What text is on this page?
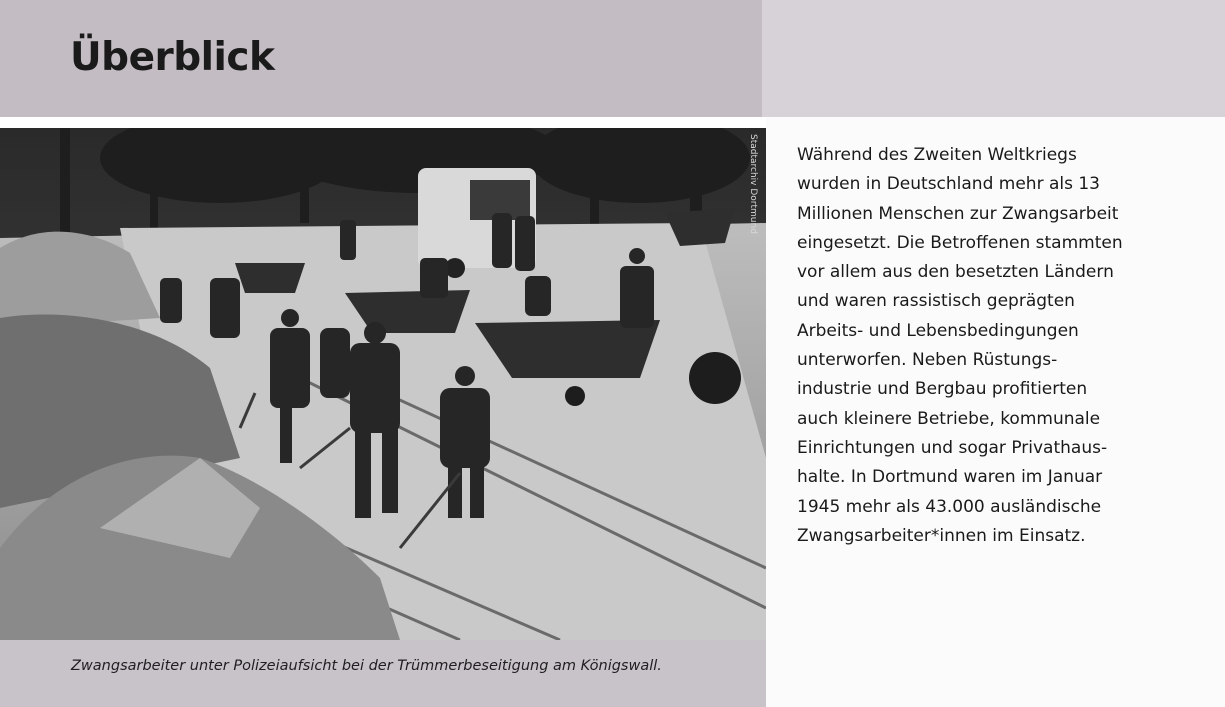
Überblick
Stadtarchiv Dortmund

Zwangsarbeiter unter Polizeiaufsicht bei der Trümmerbeseitigung am Königswall.

Während des Zweiten Weltkriegs
wurden in Deutschland mehr als 13
Millionen Menschen zur Zwangsarbeit
eingesetzt. Die Betroffenen stammten
vor allem aus den besetzten Ländern
und waren rassistisch geprägten
Arbeits- und Lebensbedingungen
unterworfen. Neben Rüstungs-
industrie und Bergbau profitierten
auch kleinere Betriebe, kommunale
Einrichtungen und sogar Privathaus-
halte. In Dortmund waren im Januar
1945 mehr als 43.000 ausländische
Zwangsarbeiter*innen im Einsatz.
